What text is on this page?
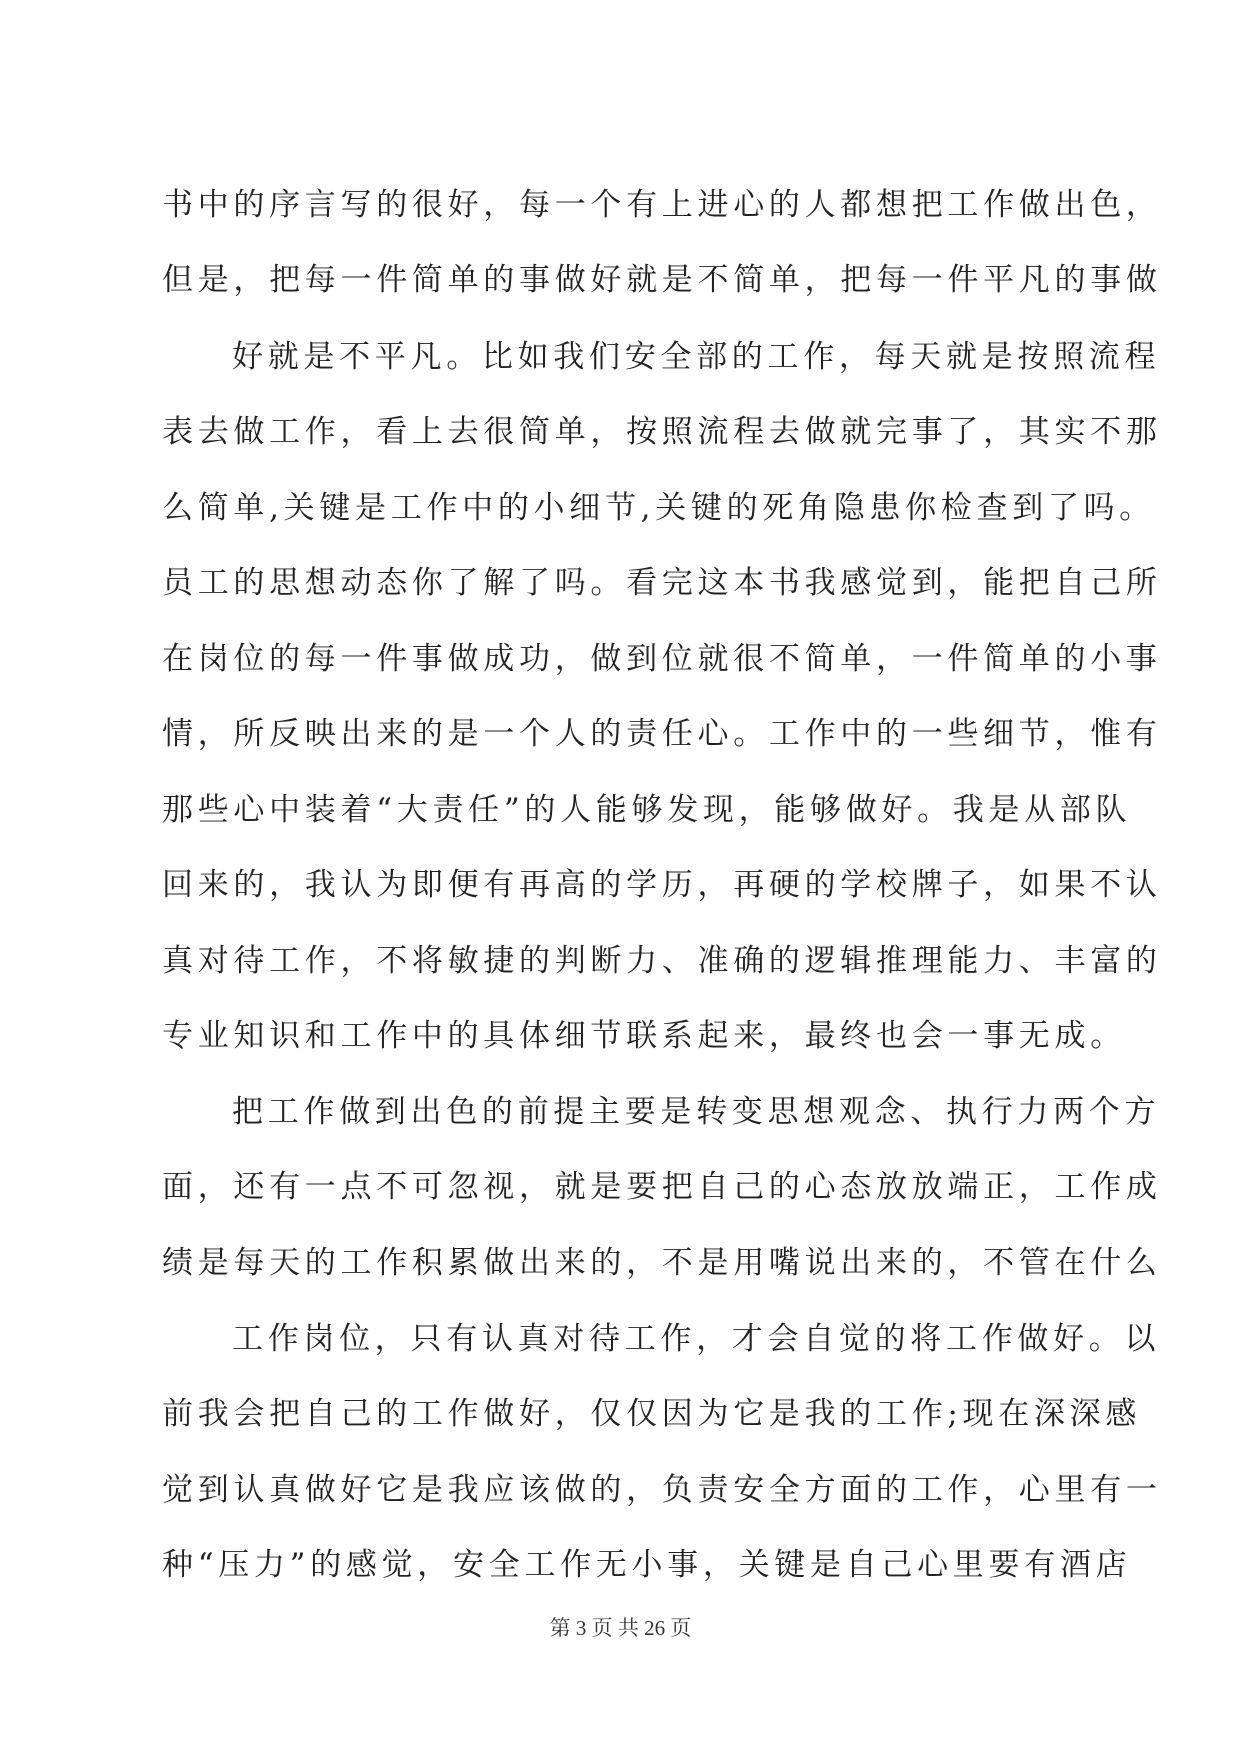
书中的序言写的很好，每一个有上进心的人都想把工作做出色，
但是，把每一件简单的事做好就是不简单，把每一件平凡的事做
好就是不平凡。比如我们安全部的工作，每天就是按照流程
表去做工作，看上去很简单，按照流程去做就完事了，其实不那
么简单,关键是工作中的小细节,关键的死角隐患你检查到了吗。
员工的思想动态你了解了吗。看完这本书我感觉到，能把自己所
在岗位的每一件事做成功，做到位就很不简单，一件简单的小事
情，所反映出来的是一个人的责任心。工作中的一些细节，惟有
那些心中装着“大责任”的人能够发现，能够做好。我是从部队
回来的，我认为即便有再高的学历，再硬的学校牌子，如果不认
真对待工作，不将敏捷的判断力、准确的逻辑推理能力、丰富的
专业知识和工作中的具体细节联系起来，最终也会一事无成。
把工作做到出色的前提主要是转变思想观念、执行力两个方
面，还有一点不可忽视，就是要把自己的心态放放端正，工作成
绩是每天的工作积累做出来的，不是用嘴说出来的，不管在什么
工作岗位，只有认真对待工作，才会自觉的将工作做好。以
前我会把自己的工作做好，仅仅因为它是我的工作;现在深深感
觉到认真做好它是我应该做的，负责安全方面的工作，心里有一
种“压力”的感觉，安全工作无小事，关键是自己心里要有酒店
第 3 页 共 26 页
